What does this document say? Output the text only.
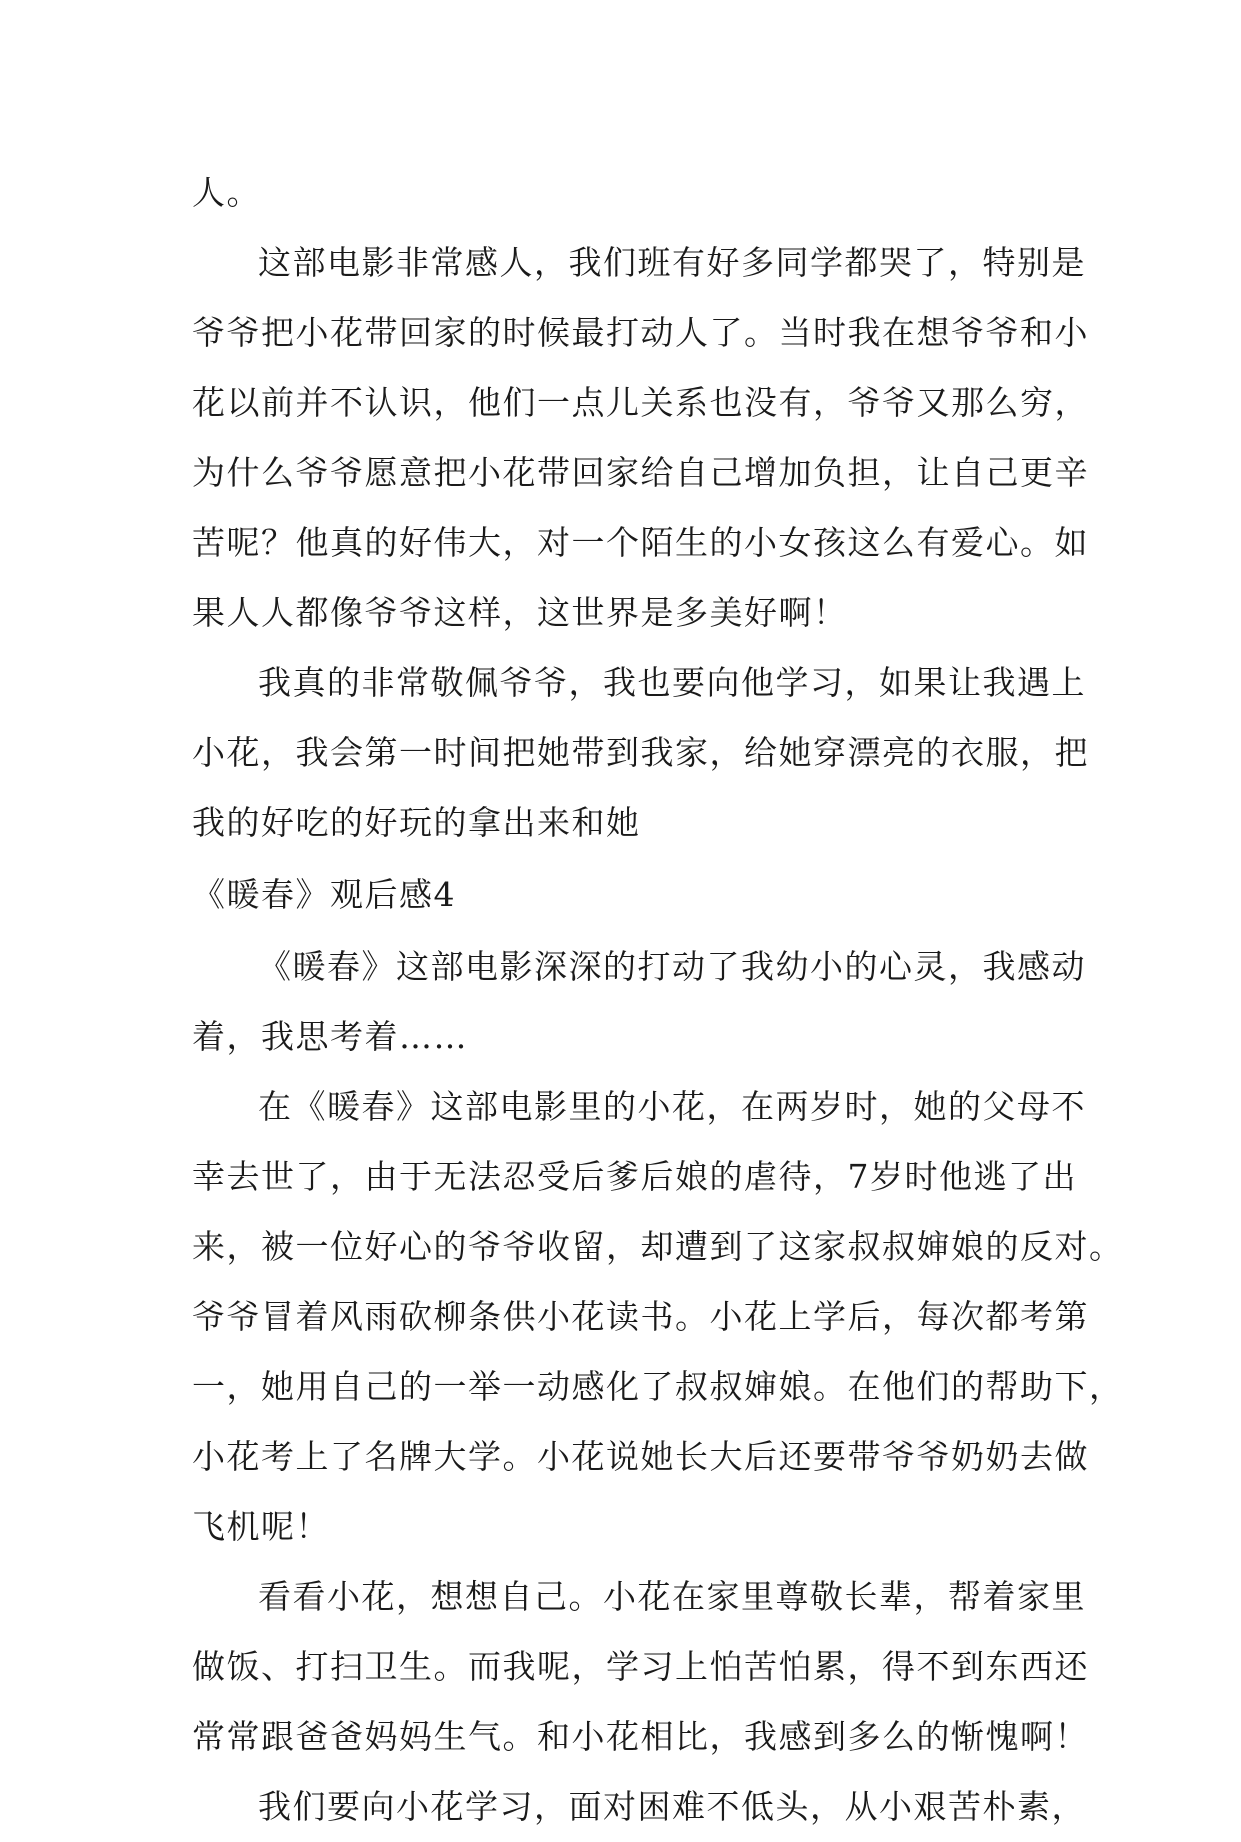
人。
这部电影非常感人，我们班有好多同学都哭了，特别是
爷爷把小花带回家的时候最打动人了。当时我在想爷爷和小
花以前并不认识，他们一点儿关系也没有，爷爷又那么穷，
为什么爷爷愿意把小花带回家给自己增加负担，让自己更辛
苦呢？他真的好伟大，对一个陌生的小女孩这么有爱心。如
果人人都像爷爷这样，这世界是多美好啊！
我真的非常敬佩爷爷，我也要向他学习，如果让我遇上
小花，我会第一时间把她带到我家，给她穿漂亮的衣服，把
我的好吃的好玩的拿出来和她
《暖春》观后感4
《暖春》这部电影深深的打动了我幼小的心灵，我感动
着，我思考着……
在《暖春》这部电影里的小花，在两岁时，她的父母不
幸去世了，由于无法忍受后爹后娘的虐待，7岁时他逃了出
来，被一位好心的爷爷收留，却遭到了这家叔叔婶娘的反对。
爷爷冒着风雨砍柳条供小花读书。小花上学后，每次都考第
一，她用自己的一举一动感化了叔叔婶娘。在他们的帮助下，
小花考上了名牌大学。小花说她长大后还要带爷爷奶奶去做
飞机呢！
看看小花，想想自己。小花在家里尊敬长辈，帮着家里
做饭、打扫卫生。而我呢，学习上怕苦怕累，得不到东西还
常常跟爸爸妈妈生气。和小花相比，我感到多么的惭愧啊！
我们要向小花学习，面对困难不低头，从小艰苦朴素，
